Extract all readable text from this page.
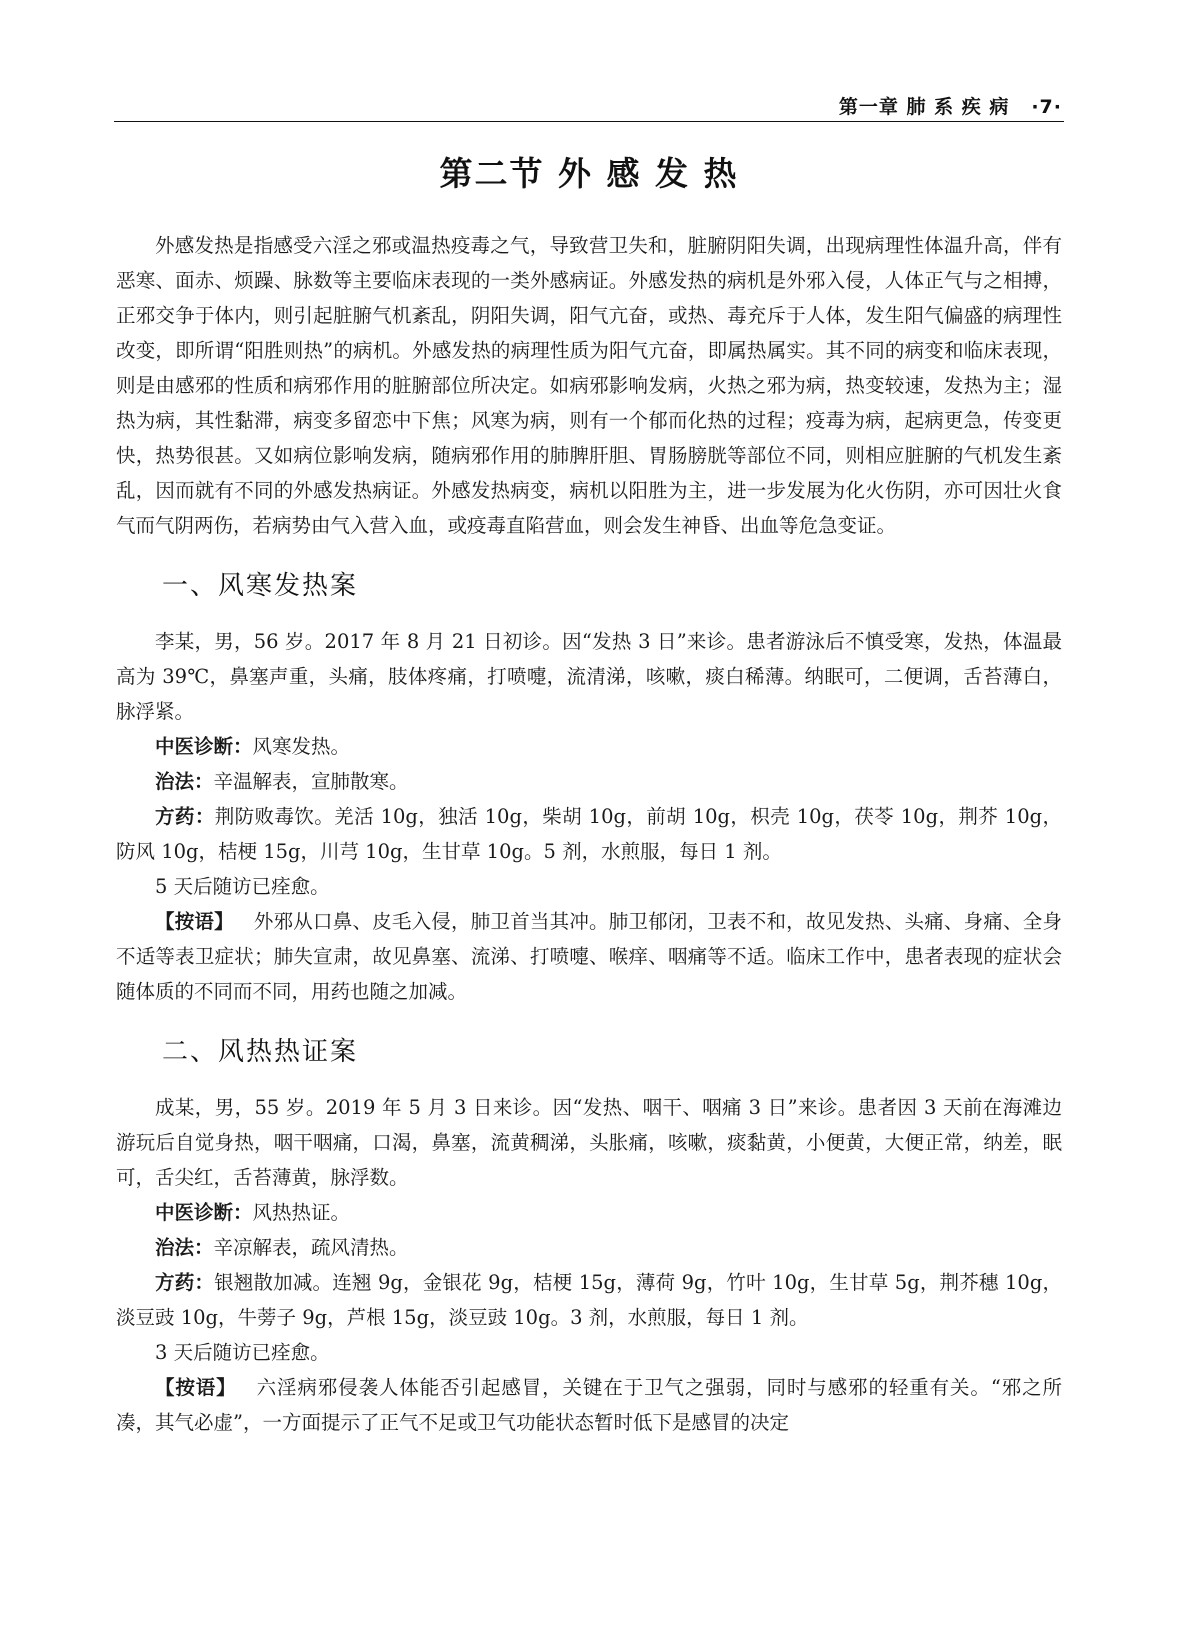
第一章 肺 系 疾 病 ·7·
第二节 外 感 发 热

外感发热是指感受六淫之邪或温热疫毒之气，导致营卫失和，脏腑阴阳失调，出现病理性体温升高，伴有恶寒、面赤、烦躁、脉数等主要临床表现的一类外感病证。外感发热的病机是外邪入侵，人体正气与之相搏，正邪交争于体内，则引起脏腑气机紊乱，阴阳失调，阳气亢奋，或热、毒充斥于人体，发生阳气偏盛的病理性改变，即所谓“阳胜则热”的病机。外感发热的病理性质为阳气亢奋，即属热属实。其不同的病变和临床表现，则是由感邪的性质和病邪作用的脏腑部位所决定。如病邪影响发病，火热之邪为病，热变较速，发热为主；湿热为病，其性黏滞，病变多留恋中下焦；风寒为病，则有一个郁而化热的过程；疫毒为病，起病更急，传变更快，热势很甚。又如病位影响发病，随病邪作用的肺脾肝胆、胃肠膀胱等部位不同，则相应脏腑的气机发生紊乱，因而就有不同的外感发热病证。外感发热病变，病机以阳胜为主，进一步发展为化火伤阴，亦可因壮火食气而气阴两伤，若病势由气入营入血，或疫毒直陷营血，则会发生神昏、出血等危急变证。

一、风寒发热案

李某，男，56 岁。2017 年 8 月 21 日初诊。因“发热 3 日”来诊。患者游泳后不慎受寒，发热，体温最高为 39℃，鼻塞声重，头痛，肢体疼痛，打喷嚏，流清涕，咳嗽，痰白稀薄。纳眠可，二便调，舌苔薄白，脉浮紧。

中医诊断：风寒发热。

治法：辛温解表，宣肺散寒。

方药：荆防败毒饮。羌活 10g，独活 10g，柴胡 10g，前胡 10g，枳壳 10g，茯苓 10g，荆芥 10g，防风 10g，桔梗 15g，川芎 10g，生甘草 10g。5 剂，水煎服，每日 1 剂。

5 天后随访已痊愈。

【按语】 外邪从口鼻、皮毛入侵，肺卫首当其冲。肺卫郁闭，卫表不和，故见发热、头痛、身痛、全身不适等表卫症状；肺失宣肃，故见鼻塞、流涕、打喷嚏、喉痒、咽痛等不适。临床工作中，患者表现的症状会随体质的不同而不同，用药也随之加减。

二、风热热证案

成某，男，55 岁。2019 年 5 月 3 日来诊。因“发热、咽干、咽痛 3 日”来诊。患者因 3 天前在海滩边游玩后自觉身热，咽干咽痛，口渴，鼻塞，流黄稠涕，头胀痛，咳嗽，痰黏黄，小便黄，大便正常，纳差，眠可，舌尖红，舌苔薄黄，脉浮数。

中医诊断：风热热证。

治法：辛凉解表，疏风清热。

方药：银翘散加减。连翘 9g，金银花 9g，桔梗 15g，薄荷 9g，竹叶 10g，生甘草 5g，荆芥穗 10g，淡豆豉 10g，牛蒡子 9g，芦根 15g，淡豆豉 10g。3 剂，水煎服，每日 1 剂。

3 天后随访已痊愈。

【按语】 六淫病邪侵袭人体能否引起感冒，关键在于卫气之强弱，同时与感邪的轻重有关。“邪之所凑，其气必虚”，一方面提示了正气不足或卫气功能状态暂时低下是感冒的决定
